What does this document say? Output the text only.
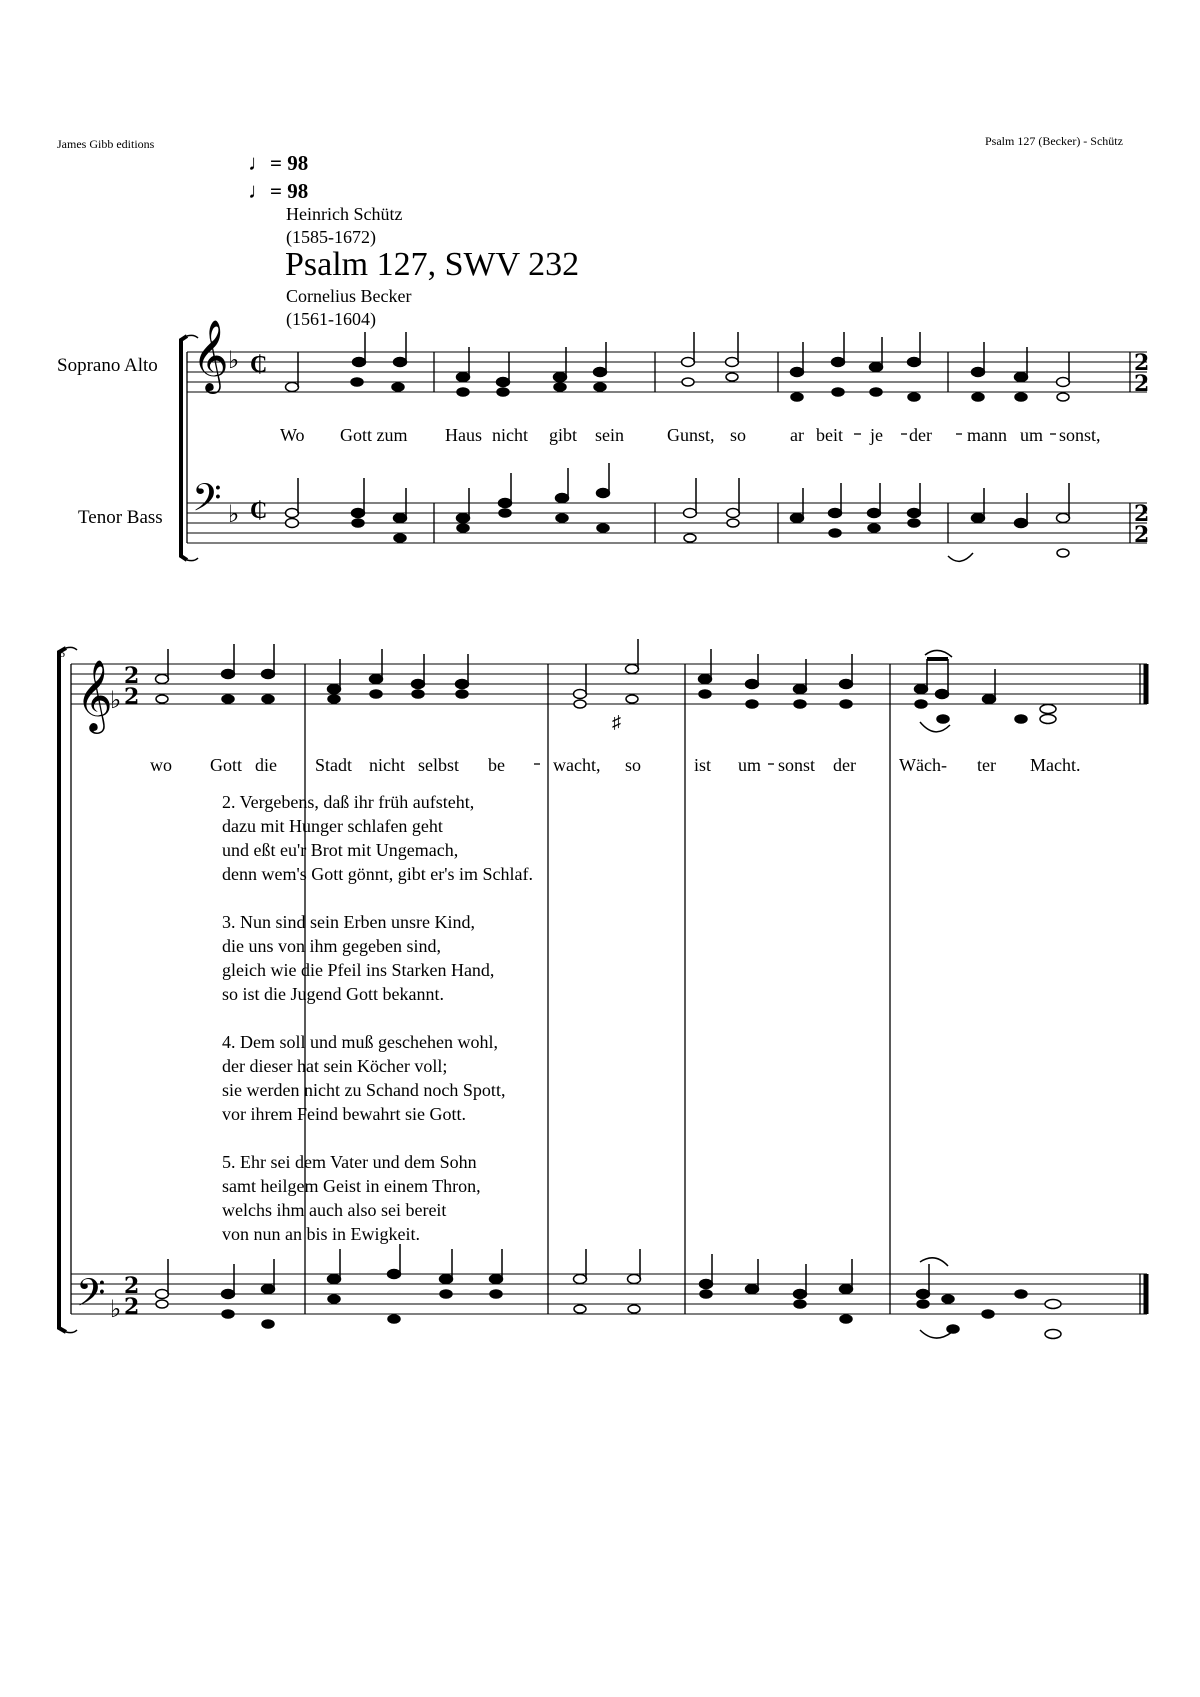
James Gibb editions	Psalm 127 (Becker) - Schütz
♩= 98
♩= 98
Heinrich Schütz
(1585-1672)
Psalm 127, SWV 232
Cornelius Becker
(1561-1604)
Soprano Alto
Tenor Bass
6
𝄞 ♭ ₵
𝄢 ♭ ₵
𝄞
♭
𝄢 ♭
♯
2
2
2
2
2
2
2
2
Wo Gott zum Haus nicht gibt sein Gunst, so ar beit je der mann um sonst,
wo Gott die Stadt nicht selbst be	wacht, so	ist um sonst der Wäch- ter Macht.
2. Vergebens, daß ihr früh aufsteht,
dazu mit Hunger schlafen geht
und eßt eu'r Brot mit Ungemach,
denn wem's Gott gönnt, gibt er's im Schlaf.
3. Nun sind sein Erben unsre Kind,
die uns von ihm gegeben sind,
gleich wie die Pfeil ins Starken Hand,
so ist die Jugend Gott bekannt.
4. Dem soll und muß geschehen wohl,
der dieser hat sein Köcher voll;
sie werden nicht zu Schand noch Spott,
vor ihrem Feind bewahrt sie Gott.
5. Ehr sei dem Vater und dem Sohn
samt heilgem Geist in einem Thron,
welchs ihm auch also sei bereit
von nun an bis in Ewigkeit.
